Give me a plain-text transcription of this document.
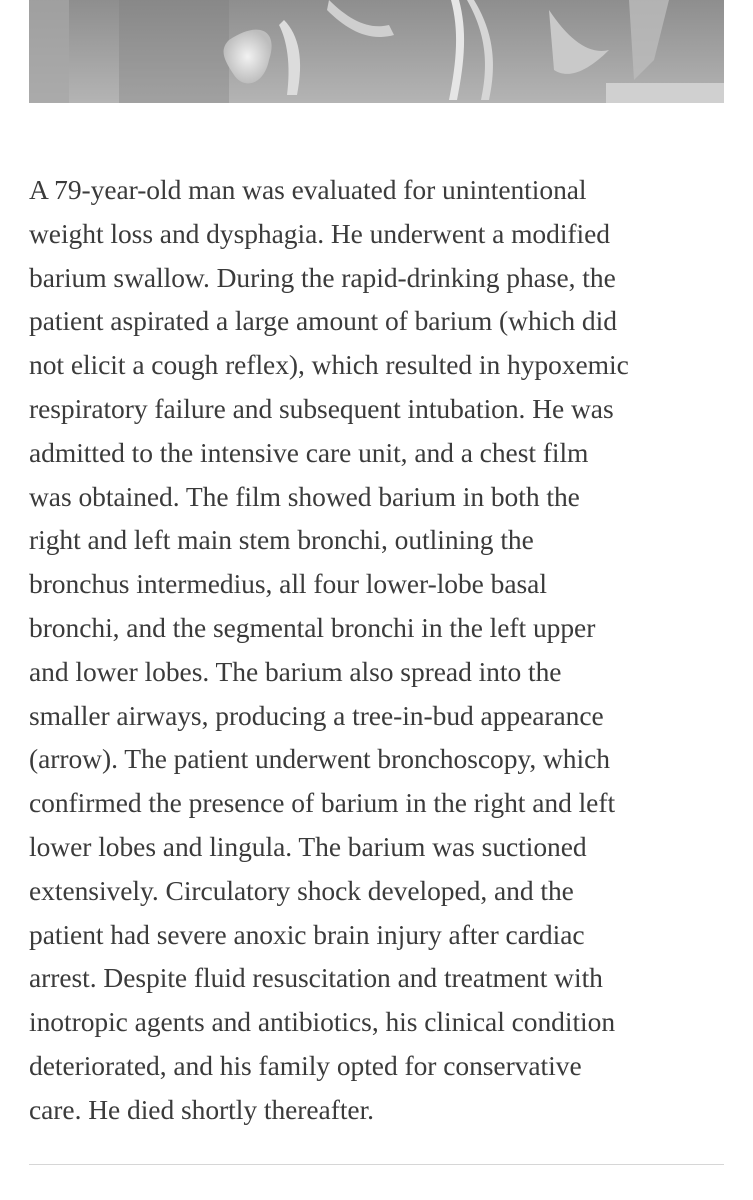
A 79-year-old man was evaluated for unintentional
weight loss and dysphagia. He underwent a modified
barium swallow. During the rapid-drinking phase, the
patient aspirated a large amount of barium (which did
not elicit a cough reflex), which resulted in hypoxemic
respiratory failure and subsequent intubation. He was
admitted to the intensive care unit, and a chest film
was obtained. The film showed barium in both the
right and left main stem bronchi, outlining the
bronchus intermedius, all four lower-lobe basal
bronchi, and the segmental bronchi in the left upper
and lower lobes. The barium also spread into the
smaller airways, producing a tree-in-bud appearance
(arrow). The patient underwent bronchoscopy, which
confirmed the presence of barium in the right and left
lower lobes and lingula. The barium was suctioned
extensively. Circulatory shock developed, and the
patient had severe anoxic brain injury after cardiac
arrest. Despite fluid resuscitation and treatment with
inotropic agents and antibiotics, his clinical condition
deteriorated, and his family opted for conservative
care. He died shortly thereafter.
